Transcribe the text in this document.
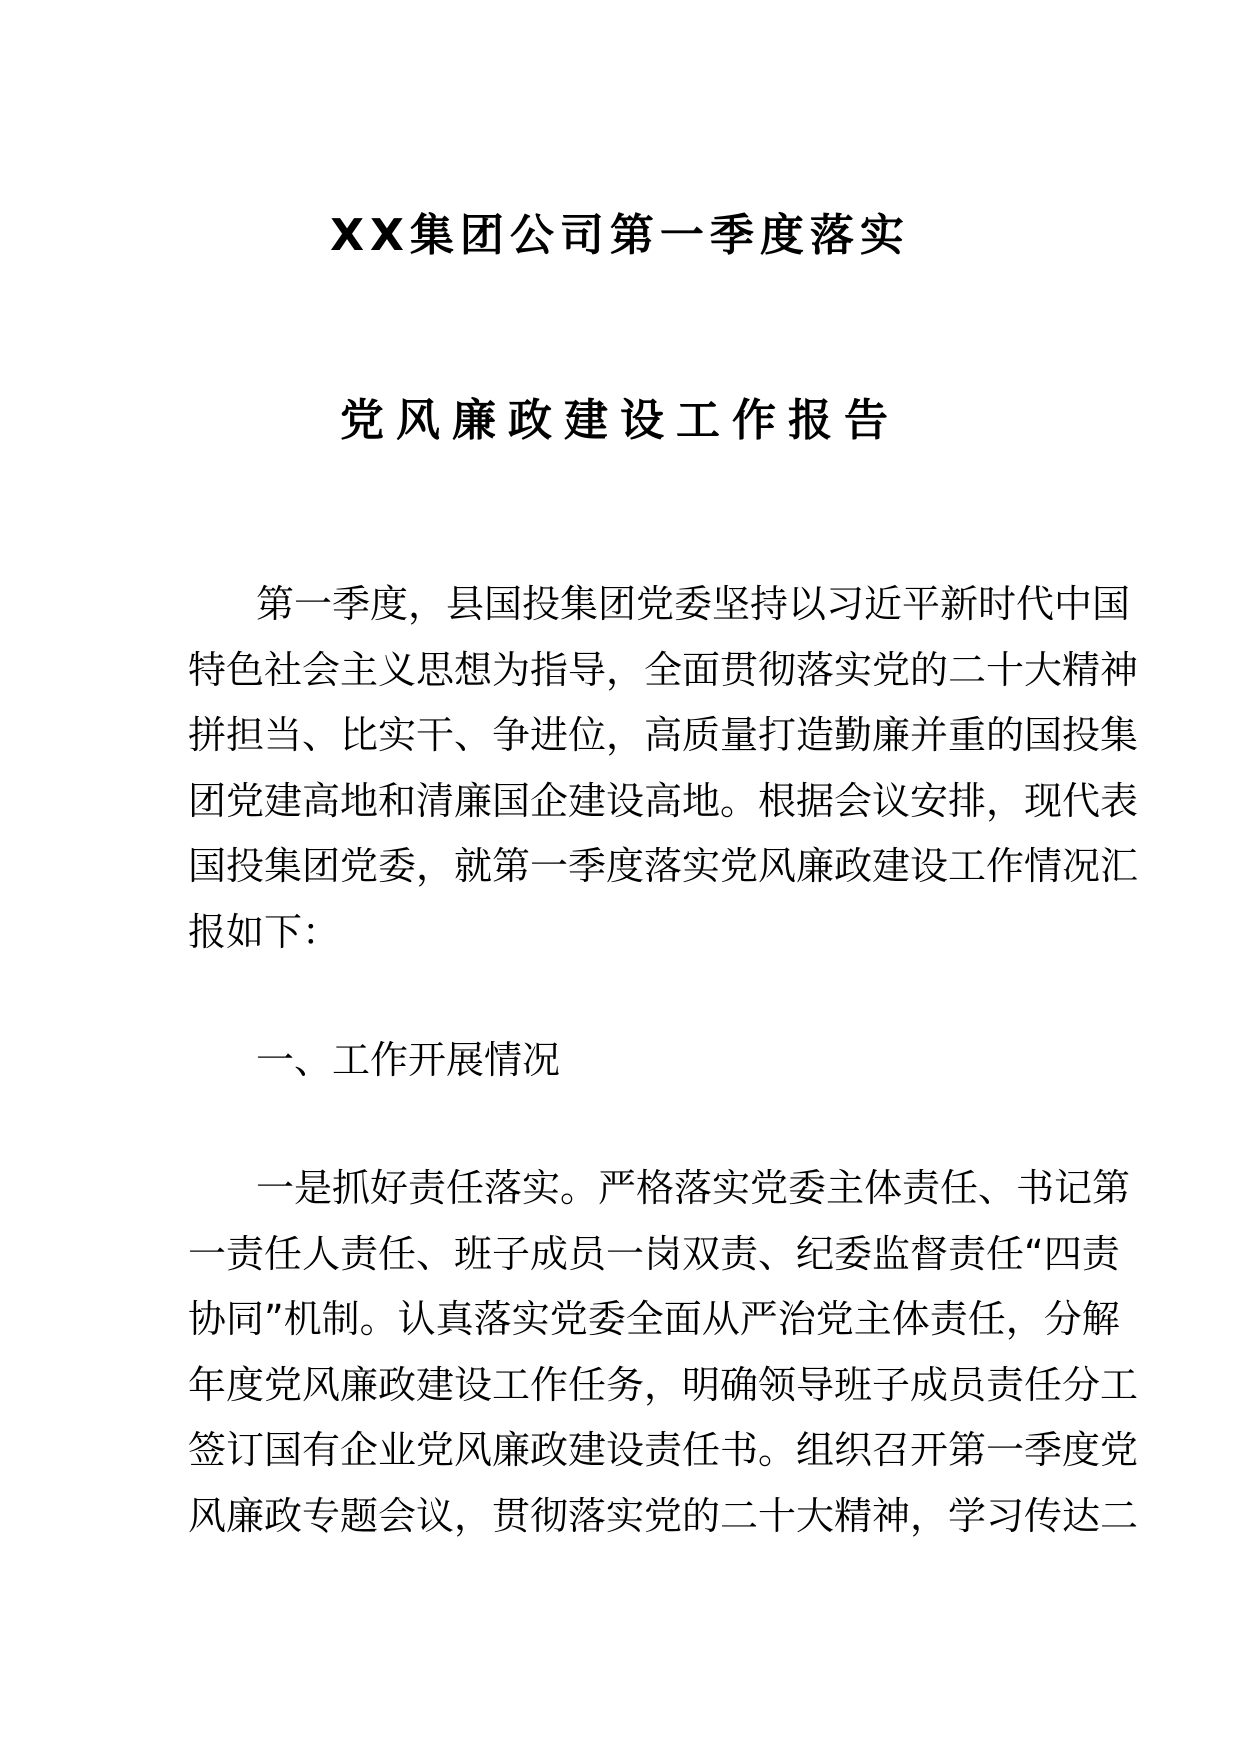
XX集团公司第一季度落实
党风廉政建设工作报告
第一季度，县国投集团党委坚持以习近平新时代中国
特色社会主义思想为指导，全面贯彻落实党的二十大精神
拼担当、比实干、争进位，高质量打造勤廉并重的国投集
团党建高地和清廉国企建设高地。根据会议安排，现代表
国投集团党委，就第一季度落实党风廉政建设工作情况汇
报如下：
一、工作开展情况
一是抓好责任落实。严格落实党委主体责任、书记第
一责任人责任、班子成员一岗双责、纪委监督责任“四责
协同”机制。认真落实党委全面从严治党主体责任，分解
年度党风廉政建设工作任务，明确领导班子成员责任分工
签订国有企业党风廉政建设责任书。组织召开第一季度党
风廉政专题会议，贯彻落实党的二十大精神，学习传达二
